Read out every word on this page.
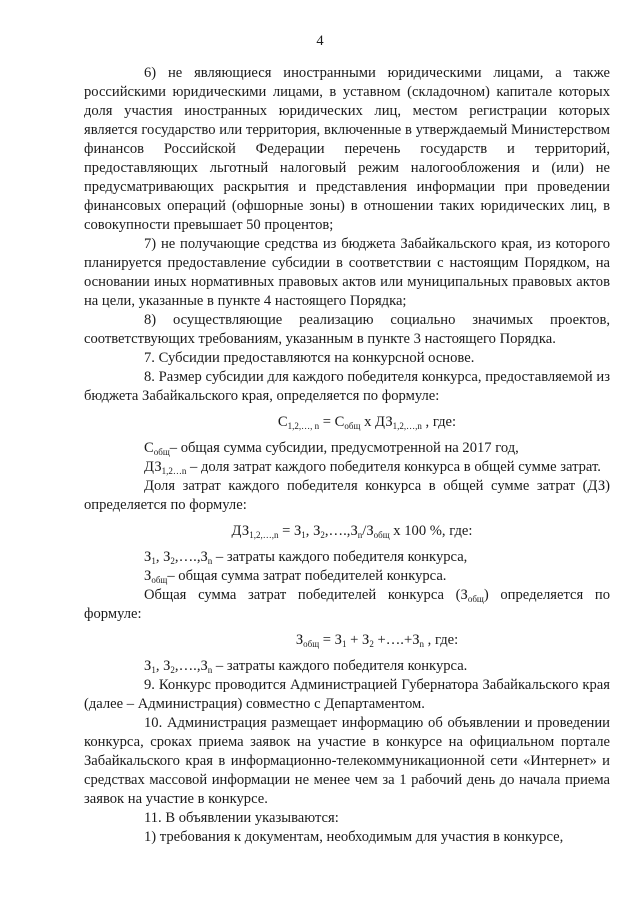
4

6) не являющиеся иностранными юридическими лицами, а также российскими юридическими лицами, в уставном (складочном) капитале которых доля участия иностранных юридических лиц, местом регистрации которых является государство или территория, включенные в утверждаемый Министерством финансов Российской Федерации перечень государств и территорий, предоставляющих льготный налоговый режим налогообложения и (или) не предусматривающих раскрытия и представления информации при проведении финансовых операций (офшорные зоны) в отношении таких юридических лиц, в совокупности превышает 50 процентов;

7) не получающие средства из бюджета Забайкальского края, из которого планируется предоставление субсидии в соответствии с настоящим Порядком, на основании иных нормативных правовых актов или муниципальных правовых актов на цели, указанные в пункте 4 настоящего Порядка;

8) осуществляющие реализацию социально значимых проектов, соответствующих требованиям, указанным в пункте 3 настоящего Порядка.

7. Субсидии предоставляются на конкурсной основе.

8. Размер субсидии для каждого победителя конкурса, предоставляемой из бюджета Забайкальского края, определяется по формуле:

$С_{1,2,\dots, n} = С_{общ}$ х $ДЗ_{1,2,\dots,n}$ , где:

$С_{общ}-$ общая сумма субсидии, предусмотренной на 2017 год,

$ДЗ_{1,2\dots n}$ – доля затрат каждого победителя конкурса в общей сумме затрат.

Доля затрат каждого победителя конкурса в общей сумме затрат (ДЗ) определяется по формуле:

$ДЗ_{1,2,\dots,n} = З_1$, $З_2,\dots.,З_n/З_{общ}$ х 100 %, где:

$З_1$, $З_2,\dots.,З_n$ – затраты каждого победителя конкурса,

$З_{общ}-$ общая сумма затрат победителей конкурса.

Общая сумма затрат победителей конкурса $(З_{общ})$ определяется по формуле:

$З_{общ} = З_1 + З_2$ $+\dots.+З_n$ , где:

$З_1$, $З_2,\dots.,З_n$ – затраты каждого победителя конкурса.

9. Конкурс проводится Администрацией Губернатора Забайкальского края (далее – Администрация) совместно с Департаментом.

10. Администрация размещает информацию об объявлении и проведении конкурса, сроках приема заявок на участие в конкурсе на официальном портале Забайкальского края в информационно-телекоммуникационной сети «Интернет» и средствах массовой информации не менее чем за 1 рабочий день до начала приема заявок на участие в конкурсе.

11. В объявлении указываются:

1) требования к документам, необходимым для участия в конкурсе,
